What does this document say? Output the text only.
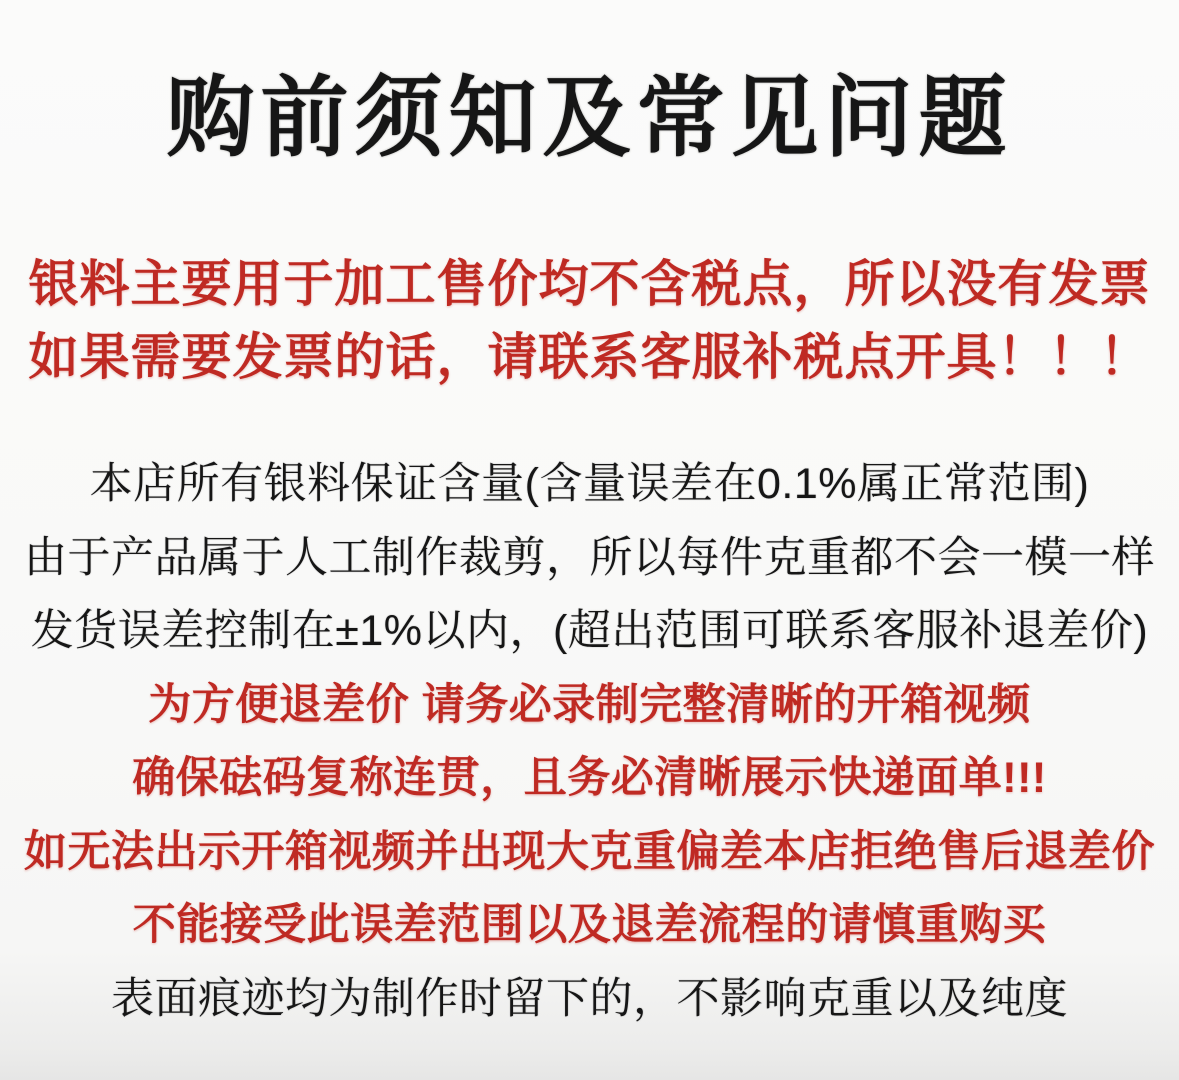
购前须知及常见问题

银料主要用于加工售价均不含税点，所以没有发票

如果需要发票的话，请联系客服补税点开具！！！

本店所有银料保证含量(含量误差在0.1%属正常范围)

由于产品属于人工制作裁剪，所以每件克重都不会一模一样

发货误差控制在±1%以内，(超出范围可联系客服补退差价)

为方便退差价 请务必录制完整清晰的开箱视频

确保砝码复称连贯，且务必清晰展示快递面单!!!

如无法出示开箱视频并出现大克重偏差本店拒绝售后退差价

不能接受此误差范围以及退差流程的请慎重购买

表面痕迹均为制作时留下的，不影响克重以及纯度
